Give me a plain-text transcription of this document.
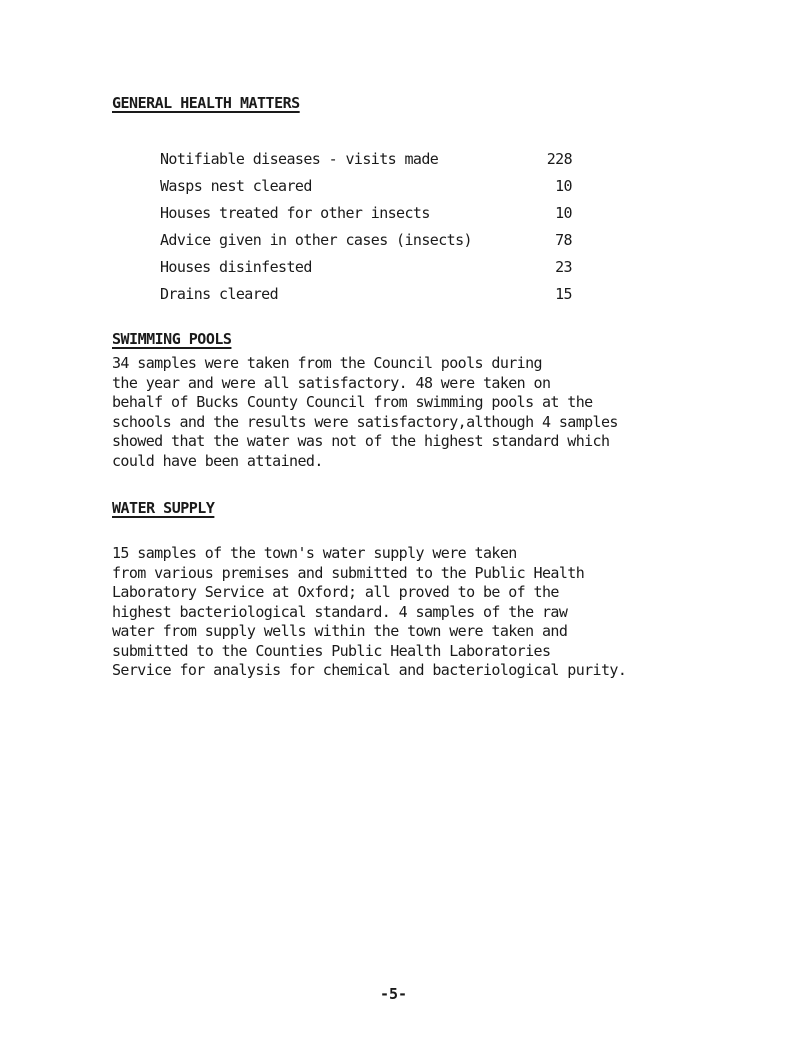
GENERAL HEALTH MATTERS
Notifiable diseases - visits made	228
Wasps nest cleared	10
Houses treated for other insects	10
Advice given in other cases (insects)	78
Houses disinfested	23
Drains cleared	15
SWIMMING POOLS

34 samples were taken from the Council pools during
the year and were all satisfactory. 48 were taken on
behalf of Bucks County Council from swimming pools at the
schools and the results were satisfactory,although 4 samples
showed that the water was not of the highest standard which
could have been attained.

WATER SUPPLY

15 samples of the town's water supply were taken
from various premises and submitted to the Public Health
Laboratory Service at Oxford; all proved to be of the
highest bacteriological standard. 4 samples of the raw
water from supply wells within the town were taken and
submitted to the Counties Public Health Laboratories
Service for analysis for chemical and bacteriological purity.

-5-
